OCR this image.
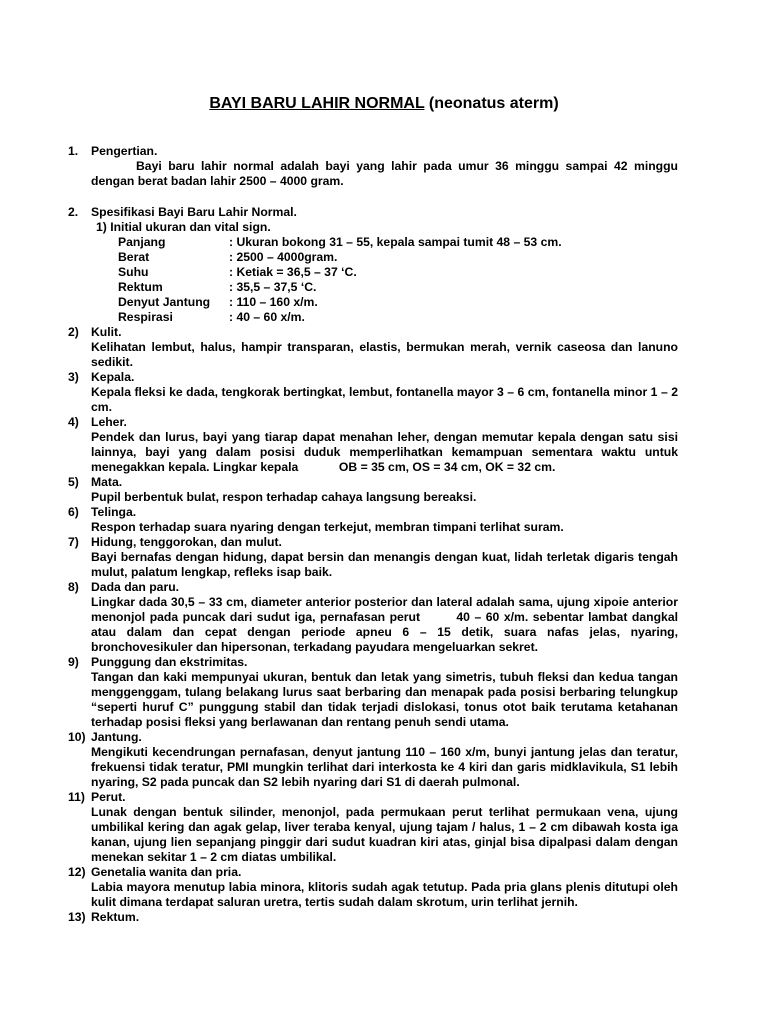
BAYI BARU LAHIR NORMAL (neonatus aterm)
1.	Pengertian.

Bayi baru lahir normal adalah bayi yang lahir pada umur 36 minggu sampai 42 minggu dengan berat badan lahir 2500 – 4000 gram.

2.	Spesifikasi Bayi Baru Lahir Normal.
1) Initial ukuran dan vital sign.
Panjang	: Ukuran bokong 31 – 55, kepala sampai tumit 48 – 53 cm.
Berat	: 2500 – 4000gram.
Suhu	: Ketiak = 36,5 – 37 ‘C.
Rektum	: 35,5 – 37,5 ‘C.
Denyut Jantung	: 110 – 160 x/m.
Respirasi	: 40 – 60 x/m.
2) Kulit.

Kelihatan lembut, halus, hampir transparan, elastis, bermukan merah, vernik caseosa dan lanuno sedikit.

3) Kepala.

Kepala fleksi ke dada, tengkorak bertingkat, lembut, fontanella mayor 3 – 6 cm, fontanella minor 1 – 2 cm.

4) Leher.

Pendek dan lurus, bayi yang tiarap dapat menahan leher, dengan memutar kepala dengan satu sisi lainnya, bayi yang dalam posisi duduk memperlihatkan kemampuan sementara waktu untuk menegakkan kepala. Lingkar kepala            OB = 35 cm, OS = 34 cm, OK = 32 cm.

5) Mata.

Pupil berbentuk bulat, respon terhadap cahaya langsung bereaksi.

6) Telinga.

Respon terhadap suara nyaring dengan terkejut, membran timpani terlihat suram.

7) Hidung, tenggorokan, dan mulut.

Bayi bernafas dengan hidung, dapat bersin dan menangis dengan kuat, lidah terletak digaris tengah mulut, palatum lengkap, refleks isap baik.

8) Dada dan paru.

Lingkar dada 30,5 – 33 cm, diameter anterior posterior dan lateral adalah sama, ujung xipoie anterior menonjol pada puncak dari sudut iga, pernafasan perut        40 – 60 x/m. sebentar lambat dangkal atau dalam dan cepat dengan periode apneu 6 – 15 detik, suara nafas jelas, nyaring, bronchovesikuler dan hipersonan, terkadang payudara mengeluarkan sekret.

9) Punggung dan ekstrimitas.

Tangan dan kaki mempunyai ukuran, bentuk dan letak yang simetris, tubuh fleksi dan kedua tangan menggenggam, tulang belakang lurus saat berbaring dan menapak pada posisi berbaring telungkup “seperti huruf C” punggung stabil dan tidak terjadi dislokasi, tonus otot baik terutama ketahanan terhadap posisi fleksi yang berlawanan dan rentang penuh sendi utama.

10) Jantung.

Mengikuti kecendrungan pernafasan, denyut jantung 110 – 160 x/m, bunyi jantung jelas dan teratur, frekuensi tidak teratur, PMI mungkin terlihat dari interkosta ke 4 kiri dan garis midklavikula, S1 lebih nyaring, S2 pada puncak dan S2 lebih nyaring dari S1 di daerah pulmonal.

11) Perut.

Lunak dengan bentuk silinder, menonjol, pada permukaan perut terlihat permukaan vena, ujung umbilikal kering dan agak gelap, liver teraba kenyal, ujung tajam / halus, 1 – 2 cm dibawah kosta iga kanan, ujung lien sepanjang pinggir dari sudut kuadran kiri atas, ginjal bisa dipalpasi dalam dengan menekan sekitar 1 – 2 cm diatas umbilikal.

12) Genetalia wanita dan pria.

Labia mayora menutup labia minora, klitoris sudah agak tetutup. Pada pria glans plenis ditutupi oleh kulit dimana terdapat saluran uretra, tertis sudah dalam skrotum, urin terlihat jernih.

13) Rektum.
